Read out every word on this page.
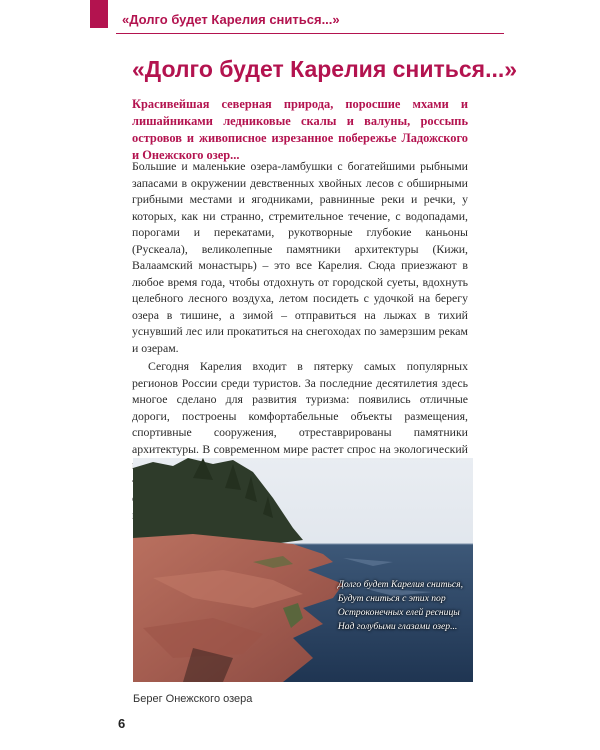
«Долго будет Карелия сниться...»
«Долго будет Карелия сниться...»

Красивейшая северная природа, поросшие мхами и лишайниками ледниковые скалы и валуны, россыпь островов и живописное изрезанное побережье Ладожского и Онежского озер...

Большие и маленькие озера-ламбушки с богатейшими рыбными запасами в окружении девственных хвойных лесов с обширными грибными местами и ягодниками, равнинные реки и речки, у которых, как ни странно, стремительное течение, с водопадами, порогами и перекатами, рукотворные глубокие каньоны (Рускеала), великолепные памятники архитектуры (Кижи, Валаамский монастырь) – это все Карелия. Сюда приезжают в любое время года, чтобы отдохнуть от городской суеты, вдохнуть целебного лесного воздуха, летом посидеть с удочкой на берегу озера в тишине, а зимой – отправиться на лыжах в тихий уснувший лес или прокатиться на снегоходах по замерзшим рекам и озерам.

Сегодня Карелия входит в пятерку самых популярных регионов России среди туристов. За последние десятилетия здесь многое сделано для развития туризма: появились отличные дороги, построены комфортабельные объекты размещения, спортивные сооружения, отреставрированы памятники архитектуры. В современном мире растет спрос на экологический

Долго будет Карелия сниться,
Будут сниться с этих пор
Остроконечных елей ресницы
Над голубыми глазами озер...
Берег Онежского озера
6
